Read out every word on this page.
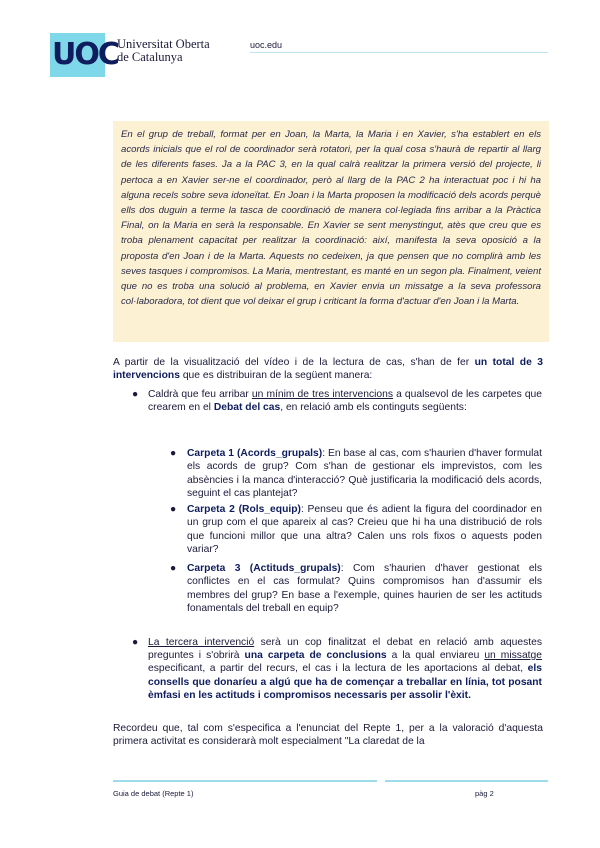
UOC Universitat Oberta
de Catalunya
uoc.edu
En el grup de treball, format per en Joan, la Marta, la Maria i en Xavier, s'ha establert en els acords inicials que el rol de coordinador serà rotatori, per la qual cosa s'haurà de repartir al llarg de les diferents fases. Ja a la PAC 3, en la qual calrà realitzar la primera versió del projecte, li pertoca a en Xavier ser-ne el coordinador, però al llarg de la PAC 2 ha interactuat poc i hi ha alguna recels sobre seva idoneïtat. En Joan i la Marta proposen la modificació dels acords perquè ells dos duguin a terme la tasca de coordinació de manera col·legiada fins arribar a la Pràctica Final, on la Maria en serà la responsable. En Xavier se sent menystingut, atès que creu que es troba plenament capacitat per realitzar la coordinació: així, manifesta la seva oposició a la proposta d'en Joan i de la Marta. Aquests no cedeixen, ja que pensen que no complirà amb les seves tasques i compromisos. La Maria, mentrestant, es manté en un segon pla. Finalment, veient que no es troba una solució al problema, en Xavier envia un missatge a la seva professora col·laboradora, tot dient que vol deixar el grup i criticant la forma d'actuar d'en Joan i la Marta.
A partir de la visualització del vídeo i de la lectura de cas, s'han de fer un total de 3 intervencions que es distribuiran de la següent manera:
● Caldrà que feu arribar un mínim de tres intervencions a qualsevol de les carpetes que crearem en el Debat del cas, en relació amb els continguts següents:
● Carpeta 1 (Acords_grupals): En base al cas, com s'haurien d'haver formulat els acords de grup? Com s'han de gestionar els imprevistos, com les absències i la manca d'interacció? Què justificaria la modificació dels acords, seguint el cas plantejat?
● Carpeta 2 (Rols_equip): Penseu que és adient la figura del coordinador en un grup com el que apareix al cas? Creieu que hi ha una distribució de rols que funcioni millor que una altra? Calen uns rols fixos o aquests poden variar?
● Carpeta 3 (Actituds_grupals): Com s'haurien d'haver gestionat els conflictes en el cas formulat? Quins compromisos han d'assumir els membres del grup? En base a l'exemple, quines haurien de ser les actituds fonamentals del treball en equip?
● La tercera intervenció serà un cop finalitzat el debat en relació amb aquestes preguntes i s'obrirà una carpeta de conclusions a la qual enviareu un missatge especificant, a partir del recurs, el cas i la lectura de les aportacions al debat, els consells que donaríeu a algú que ha de començar a treballar en línia, tot posant èmfasi en les actituds i compromisos necessaris per assolir l'èxit.
Recordeu que, tal com s'especifica a l'enunciat del Repte 1, per a la valoració d'aquesta primera activitat es considerarà molt especialment "La claredat de la
Guia de debat (Repte 1)	pàg 2
